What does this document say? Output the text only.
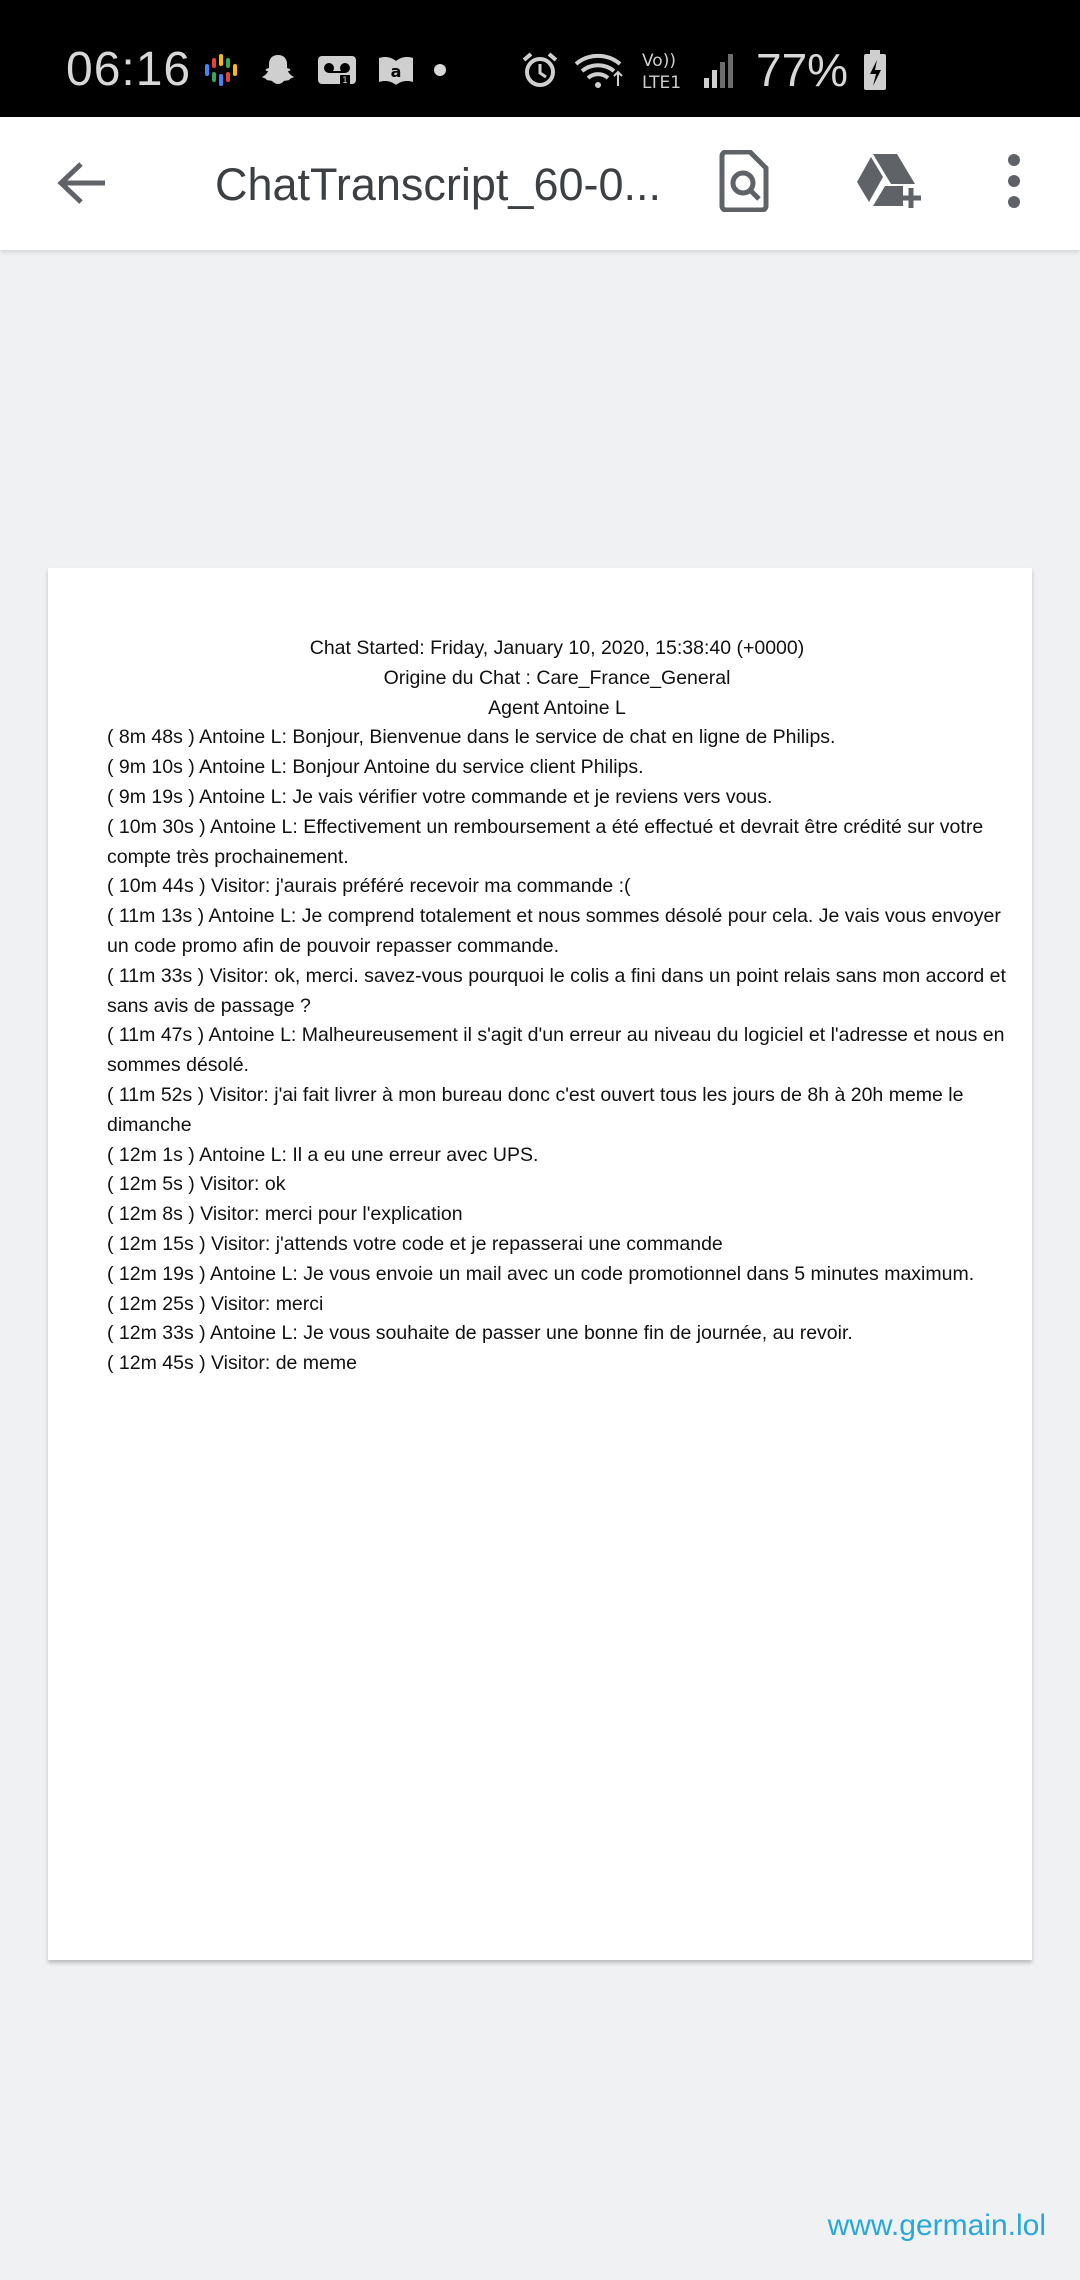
06:16	1	a
Vo))
LTE1 77%
ChatTranscript_60-0...
Chat Started: Friday, January 10, 2020, 15:38:40 (+0000)
Origine du Chat : Care_France_General
Agent Antoine L
( 8m 48s ) Antoine L: Bonjour, Bienvenue dans le service de chat en ligne de Philips.
( 9m 10s ) Antoine L: Bonjour Antoine du service client Philips.
( 9m 19s ) Antoine L: Je vais vérifier votre commande et je reviens vers vous.
( 10m 30s ) Antoine L: Effectivement un remboursement a été effectué et devrait être crédité sur votre compte très prochainement.
( 10m 44s ) Visitor: j'aurais préféré recevoir ma commande :(
( 11m 13s ) Antoine L: Je comprend totalement et nous sommes désolé pour cela. Je vais vous envoyer un code promo afin de pouvoir repasser commande.
( 11m 33s ) Visitor: ok, merci. savez-vous pourquoi le colis a fini dans un point relais sans mon accord et sans avis de passage ?
( 11m 47s ) Antoine L: Malheureusement il s'agit d'un erreur au niveau du logiciel et l'adresse et nous en sommes désolé.
( 11m 52s ) Visitor: j'ai fait livrer à mon bureau donc c'est ouvert tous les jours de 8h à 20h meme le dimanche
( 12m 1s ) Antoine L: Il a eu une erreur avec UPS.
( 12m 5s ) Visitor: ok
( 12m 8s ) Visitor: merci pour l'explication
( 12m 15s ) Visitor: j'attends votre code et je repasserai une commande
( 12m 19s ) Antoine L: Je vous envoie un mail avec un code promotionnel dans 5 minutes maximum.
( 12m 25s ) Visitor: merci
( 12m 33s ) Antoine L: Je vous souhaite de passer une bonne fin de journée, au revoir.
( 12m 45s ) Visitor: de meme
www.germain.lol
